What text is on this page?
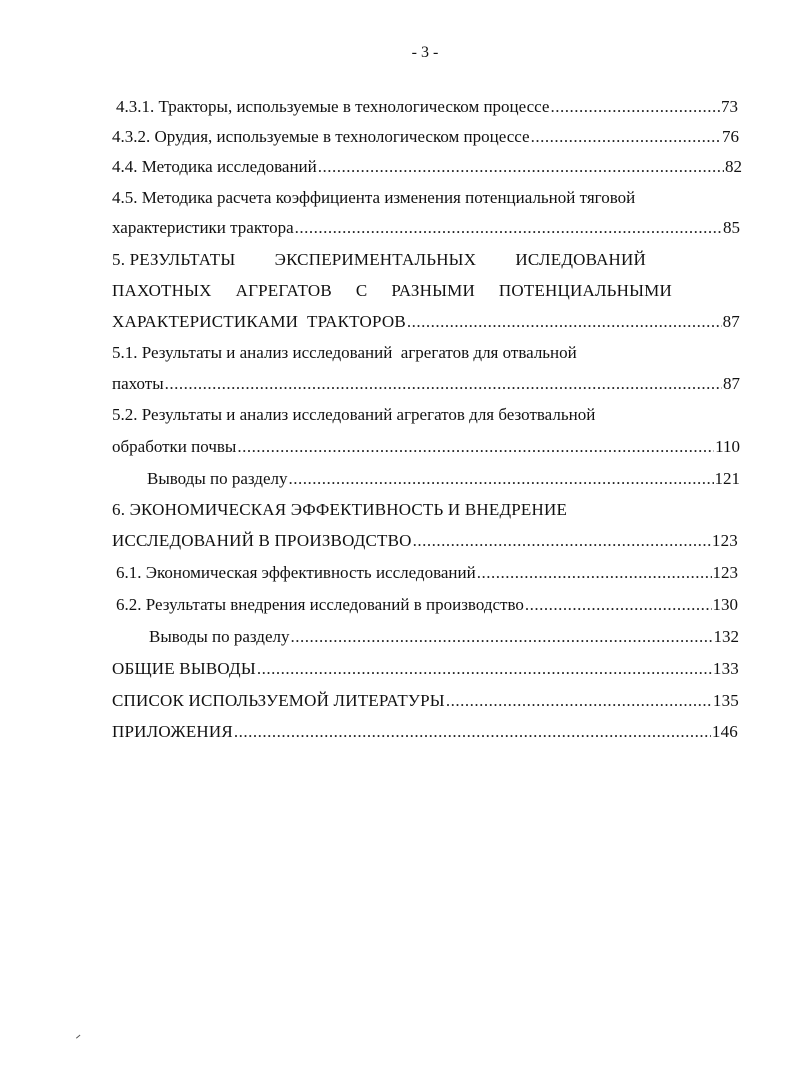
- 3 -
4.3.1. Тракторы, используемые в технологическом процессе .....	73
4.3.2. Орудия, используемые в технологическом процессе .....	76
4.4. Методика исследований .....	82
4.5. Методика расчета коэффициента изменения потенциальной тяговой
характеристики трактора .....	85
5. РЕЗУЛЬТАТЫ ЭКСПЕРИМЕНТАЛЬНЫХ ИСЛЕДОВАНИЙ
ПАХОТНЫХ АГРЕГАТОВ С РАЗНЫМИ ПОТЕНЦИАЛЬНЫМИ
ХАРАКТЕРИСТИКАМИ  ТРАКТОРОВ .....	87
5.1. Результаты и анализ исследований  агрегатов для отвальной
пахоты .....	87
5.2. Результаты и анализ исследований агрегатов для безотвальной
обработки почвы .....	110
Выводы по разделу .....	121
6. ЭКОНОМИЧЕСКАЯ ЭФФЕКТИВНОСТЬ И ВНЕДРЕНИЕ
ИССЛЕДОВАНИЙ В ПРОИЗВОДСТВО .....	123
6.1. Экономическая эффективность исследований .....	123
6.2. Результаты внедрения исследований в производство .....	130
Выводы по разделу .....	132
ОБЩИЕ ВЫВОДЫ .....	133
СПИСОК ИСПОЛЬЗУЕМОЙ ЛИТЕРАТУРЫ .....	135
ПРИЛОЖЕНИЯ .....	146
